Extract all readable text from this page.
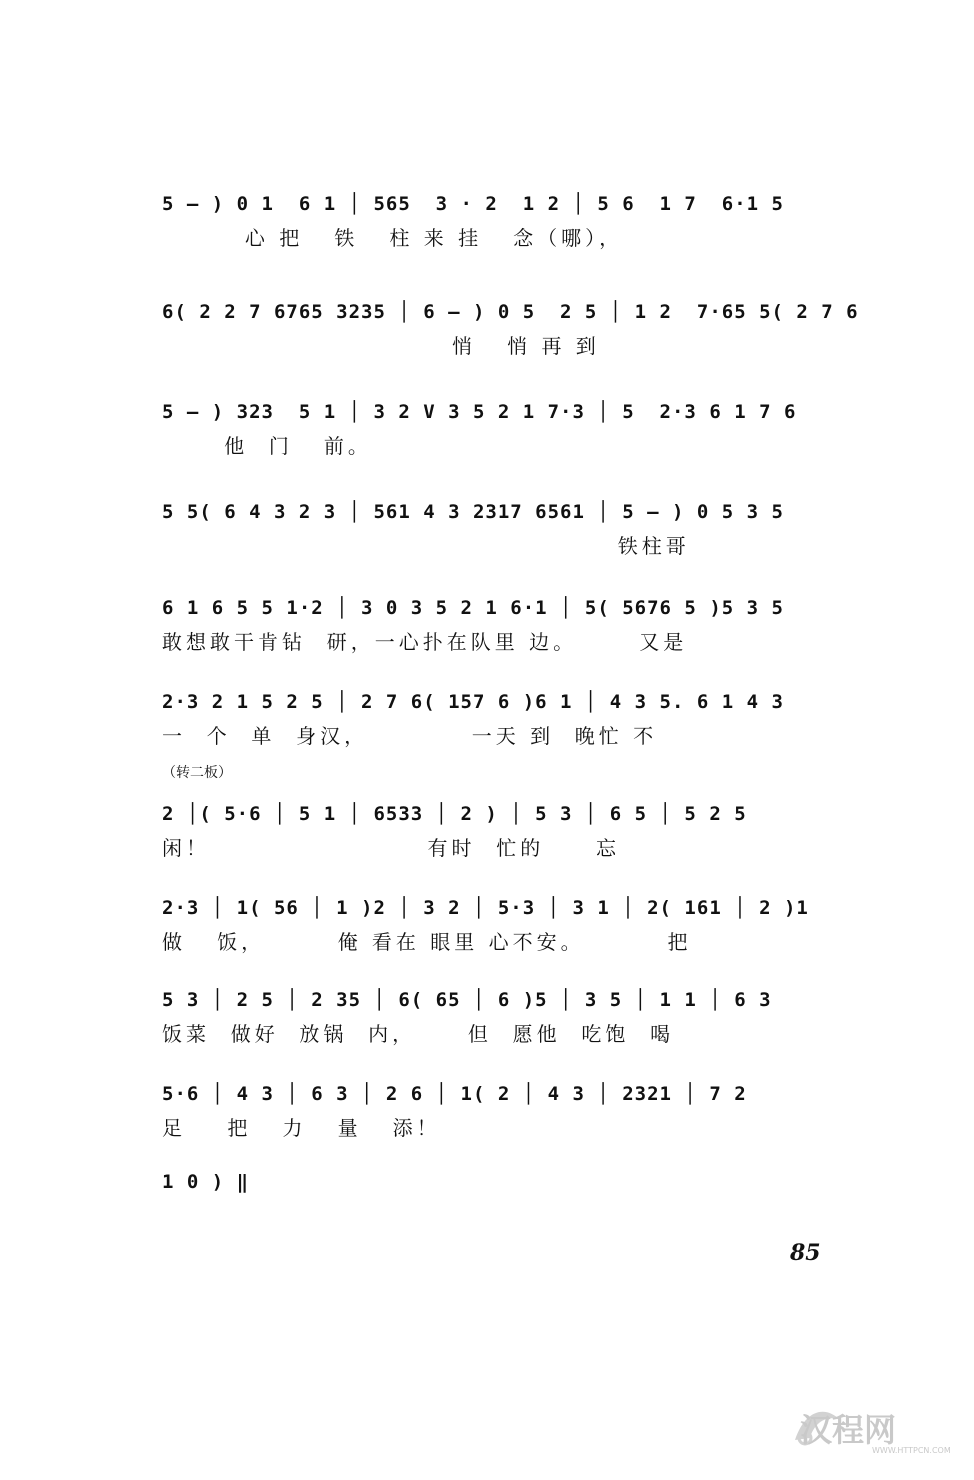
5 – ) 0 1  6 1 │ 565  3 · 2  1 2 │ 5 6  1 7  6·1 5
心 把   铁   柱 来 挂   念（哪），
6( 2 2 7 6765 3235 │ 6 – ) 0 5  2 5 │ 1 2  7·65 5( 2 7 6
悄   悄 再 到
5 – ) 323  5 1 │ 3 2 V 3 5 2 1 7·3 │ 5  2·3 6 1 7 6
他  门   前。
5 5( 6 4 3 2 3 │ 561 4 3 2317 6561 │ 5 – ) 0 5 3 5
铁柱哥
6 1 6 5 5 1·2 │ 3 0 3 5 2 1 6·1 │ 5( 5676 5 )5 3 5
敢想敢干肯钻  研，一心扑在队里 边。      又是
2·3 2 1 5 2 5 │ 2 7 6( 157 6 )6 1 │ 4 3 5. 6 1 4 3
一  个  单  身汉，          一天 到  晚忙 不
（转二板）
2 │( 5·6 │ 5 1 │ 6533 │ 2 ) │ 5 3 │ 6 5 │ 5 2 5
闲！                     有时  忙的     忘
2·3 │ 1( 56 │ 1 )2 │ 3 2 │ 5·3 │ 3 1 │ 2( 161 │ 2 )1
做   饭，       俺 看在 眼里 心不安。        把
5 3 │ 2 5 │ 2 35 │ 6( 65 │ 6 )5 │ 3 5 │ 1 1 │ 6 3
饭菜  做好  放锅  内，     但  愿他  吃饱  喝
5·6 │ 4 3 │ 6 3 │ 2 6 │ 1( 2 │ 4 3 │ 2321 │ 7 2
足    把   力   量   添！
1 0 ) ‖
85
汉程网
WWW.HTTPCN.COM
